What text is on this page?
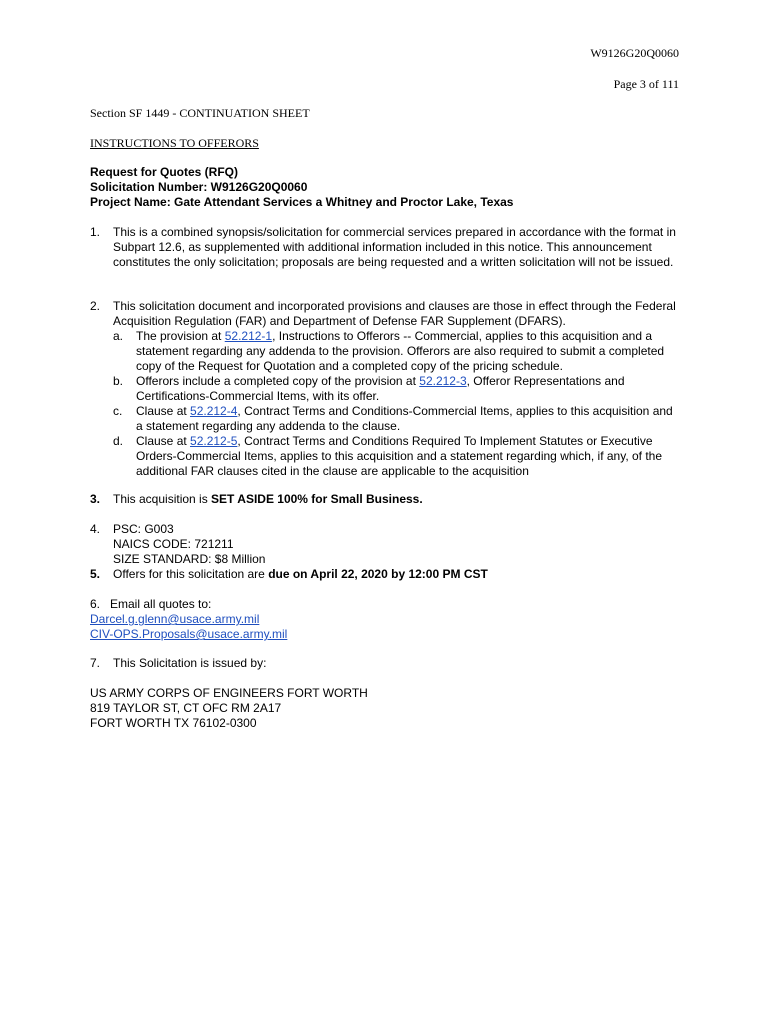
W9126G20Q0060
Page 3 of 111
Section SF 1449 - CONTINUATION SHEET
INSTRUCTIONS TO OFFERORS

Request for Quotes (RFQ)

Solicitation Number: W9126G20Q0060

Project Name: Gate Attendant Services a Whitney and Proctor Lake, Texas

1. This is a combined synopsis/solicitation for commercial services prepared in accordance with the format in Subpart 12.6, as supplemented with additional information included in this notice. This announcement constitutes the only solicitation; proposals are being requested and a written solicitation will not be issued.

2. This solicitation document and incorporated provisions and clauses are those in effect through the Federal Acquisition Regulation (FAR) and Department of Defense FAR Supplement (DFARS).

a. The provision at 52.212-1, Instructions to Offerors -- Commercial, applies to this acquisition and a statement regarding any addenda to the provision. Offerors are also required to submit a completed copy of the Request for Quotation and a completed copy of the pricing schedule.

b. Offerors include a completed copy of the provision at 52.212-3, Offeror Representations and Certifications-Commercial Items, with its offer.

c. Clause at 52.212-4, Contract Terms and Conditions-Commercial Items, applies to this acquisition and a statement regarding any addenda to the clause.

d. Clause at 52.212-5, Contract Terms and Conditions Required To Implement Statutes or Executive Orders-Commercial Items, applies to this acquisition and a statement regarding which, if any, of the additional FAR clauses cited in the clause are applicable to the acquisition

3. This acquisition is SET ASIDE 100% for Small Business.

4. PSC: G003

NAICS CODE: 721211

SIZE STANDARD: $8 Million

5. Offers for this solicitation are due on April 22, 2020 by 12:00 PM CST

6.   Email all quotes to:

Darcel.g.glenn@usace.army.mil

CIV-OPS.Proposals@usace.army.mil

7. This Solicitation is issued by:

US ARMY CORPS OF ENGINEERS FORT WORTH

819 TAYLOR ST, CT OFC RM 2A17

FORT WORTH TX 76102-0300
